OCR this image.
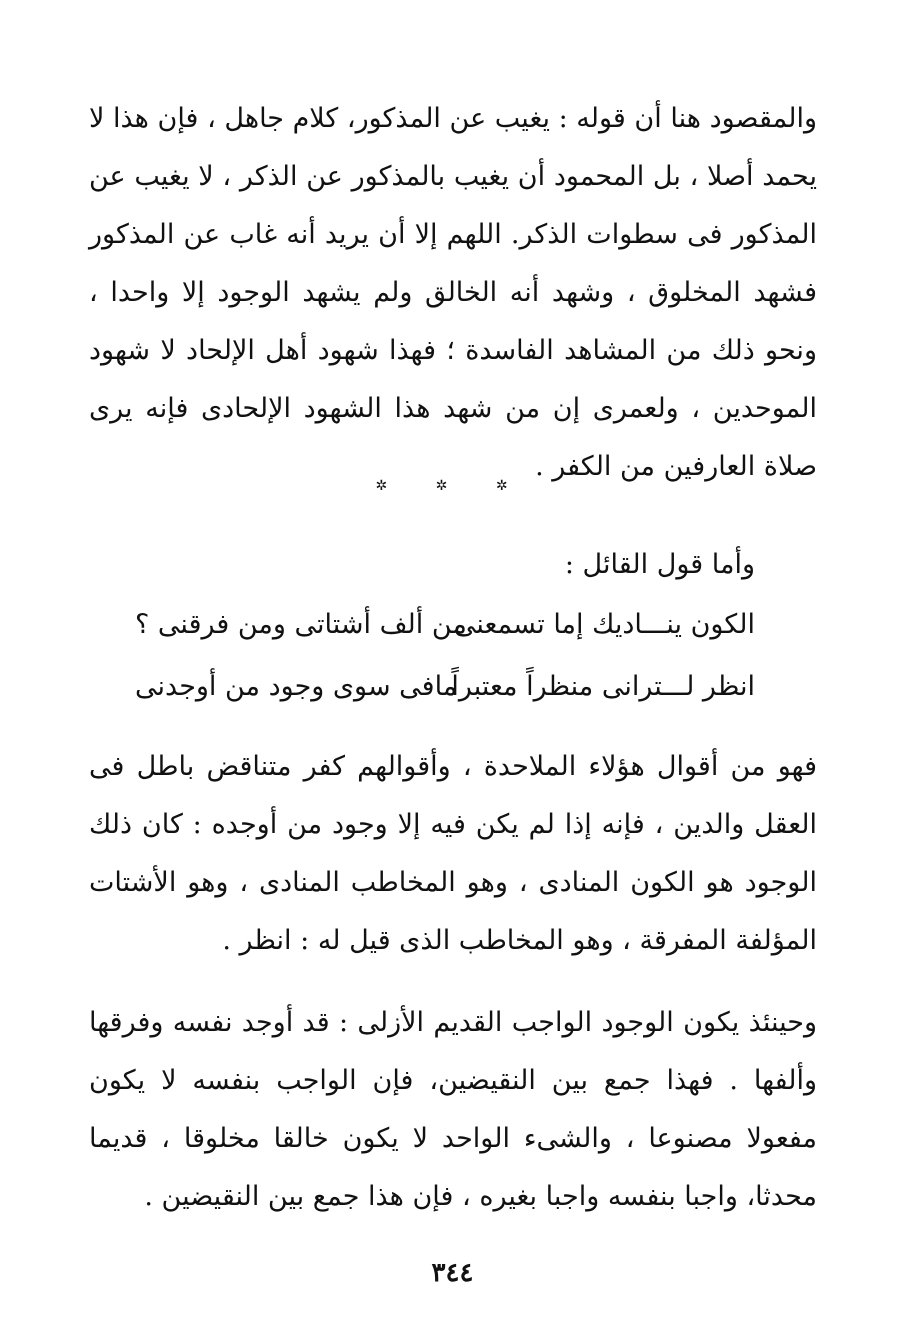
والمقصود هنا أن قوله : يغيب عن المذكور، كلام جاهل ، فإن هذا لا يحمد أصلا ، بل المحمود أن يغيب بالمذكور عن الذكر ، لا يغيب عن المذكور فى سطوات الذكر. اللهم إلا أن يريد أنه غاب عن المذكور فشهد المخلوق ، وشهد أنه الخالق ولم يشهد الوجود إلا واحدا ، ونحو ذلك من المشاهد الفاسدة ؛ فهذا شهود أهل الإلحاد لا شهود الموحدين ، ولعمرى إن من شهد هذا الشهود الإلحادى فإنه يرى صلاة العارفين من الكفر .

✲ ✲ ✲

وأما قول القائل :

الكون ينـــاديك إما تسمعنى
من ألف أشتاتى ومن فرقنى ؟
انظر لـــترانى منظراً معتبراً
مافى سوى وجود من أوجدنى

فهو من أقوال هؤلاء الملاحدة ، وأقوالهم كفر متناقض باطل فى العقل والدين ، فإنه إذا لم يكن فيه إلا وجود من أوجده : كان ذلك الوجود هو الكون المنادى ، وهو المخاطب المنادى ، وهو الأشتات المؤلفة المفرقة ، وهو المخاطب الذى قيل له : انظر .

وحينئذ يكون الوجود الواجب القديم الأزلى : قد أوجد نفسه وفرقها وألفها . فهذا جمع بين النقيضين، فإن الواجب بنفسه لا يكون مفعولا مصنوعا ، والشىء الواحد لا يكون خالقا مخلوقا ، قديما محدثا، واجبا بنفسه واجبا بغيره ، فإن هذا جمع بين النقيضين .

٣٤٤
